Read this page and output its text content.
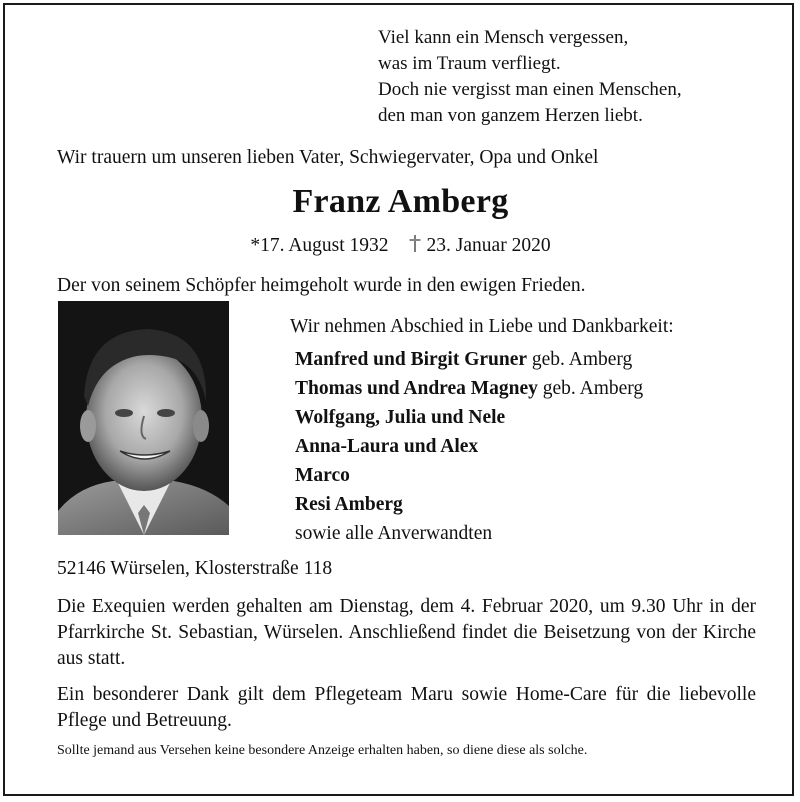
Viel kann ein Mensch vergessen,
was im Traum verfliegt.
Doch nie vergisst man einen Menschen,
den man von ganzem Herzen liebt.
Wir trauern um unseren lieben Vater, Schwiegervater, Opa und Onkel
Franz Amberg
*17. August 1932 23. Januar 2020
Der von seinem Schöpfer heimgeholt wurde in den ewigen Frieden.
Wir nehmen Abschied in Liebe und Dankbarkeit:
Manfred und Birgit Gruner geb. Amberg
Thomas und Andrea Magney geb. Amberg
Wolfgang, Julia und Nele
Anna-Laura und Alex
Marco
Resi Amberg
sowie alle Anverwandten
52146 Würselen, Klosterstraße 118
Die Exequien werden gehalten am Dienstag, dem 4. Februar 2020, um 9.30 Uhr in der Pfarrkirche St. Sebastian, Würselen. Anschließend findet die Beisetzung von der Kirche aus statt.
Ein besonderer Dank gilt dem Pflegeteam Maru sowie Home-Care für die liebevolle Pflege und Betreuung.
Sollte jemand aus Versehen keine besondere Anzeige erhalten haben, so diene diese als solche.
